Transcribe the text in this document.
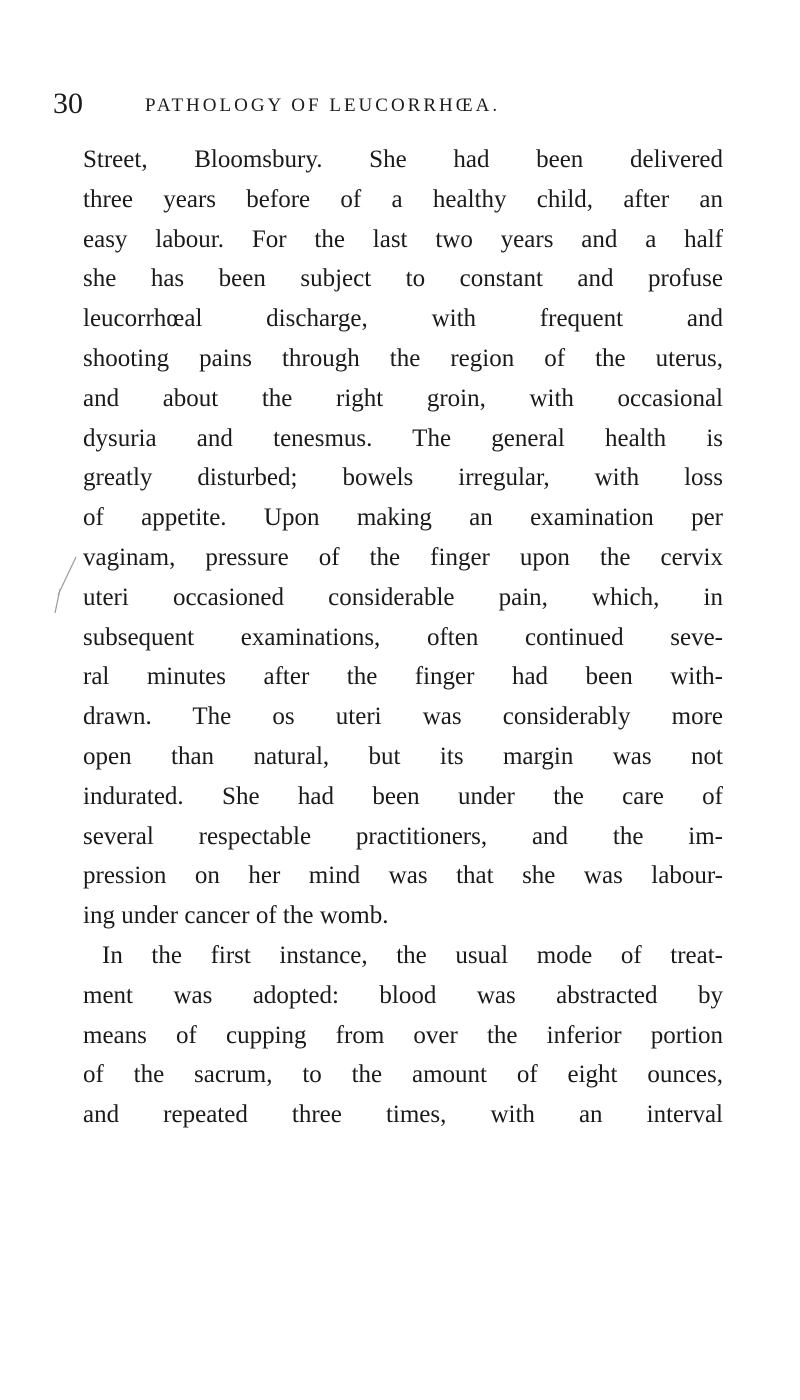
30	PATHOLOGY OF LEUCORRHŒA.
Street, Bloomsbury. She had been delivered
three years before of a healthy child, after an
easy labour. For the last two years and a half
she has been subject to constant and profuse
leucorrhœal discharge, with frequent and
shooting pains through the region of the uterus,
and about the right groin, with occasional
dysuria and tenesmus. The general health is
greatly disturbed; bowels irregular, with loss
of appetite. Upon making an examination per
vaginam, pressure of the finger upon the cervix
uteri occasioned considerable pain, which, in
subsequent examinations, often continued seve-
ral minutes after the finger had been with-
drawn. The os uteri was considerably more
open than natural, but its margin was not
indurated. She had been under the care of
several respectable practitioners, and the im-
pression on her mind was that she was labour-
ing under cancer of the womb.
In the first instance, the usual mode of treat-
ment was adopted: blood was abstracted by
means of cupping from over the inferior portion
of the sacrum, to the amount of eight ounces,
and repeated three times, with an interval
